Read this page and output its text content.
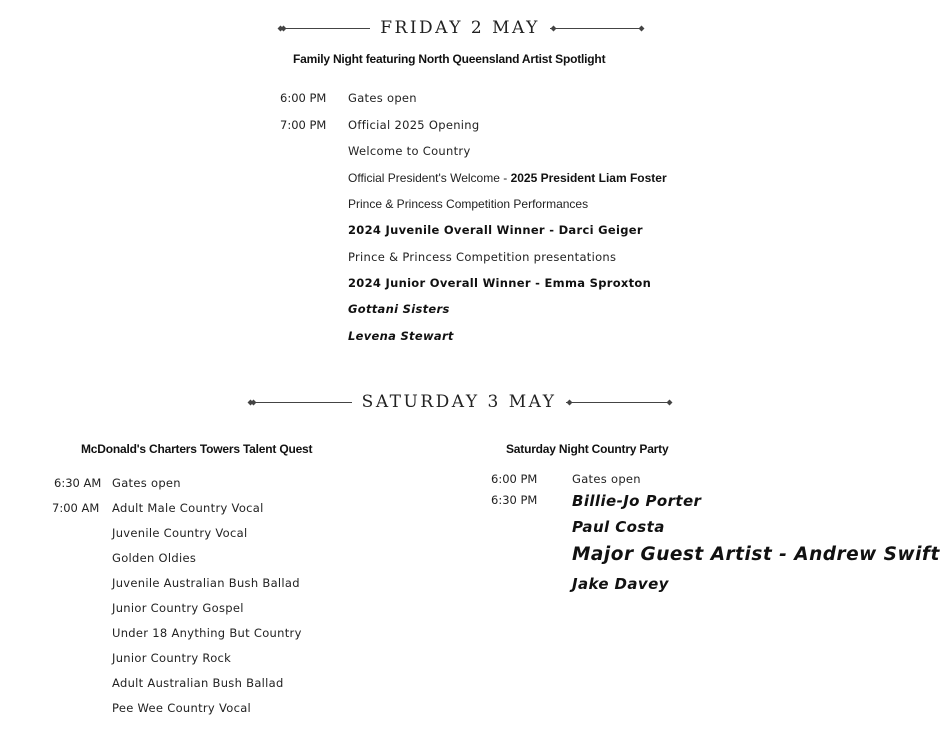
FRIDAY 2 MAY
Family Night featuring North Queensland Artist Spotlight
6:00 PM Gates open
7:00 PM Official 2025 Opening
Welcome to Country
Official President's Welcome - 2025 President Liam Foster
Prince & Princess Competition Performances
2024 Juvenile Overall Winner - Darci Geiger
Prince & Princess Competition presentations
2024 Junior Overall Winner - Emma Sproxton
Gottani Sisters
Levena Stewart
SATURDAY 3 MAY
McDonald's Charters Towers Talent Quest
6:30 AM Gates open
7:00 AM Adult Male Country Vocal
Juvenile Country Vocal
Golden Oldies
Juvenile Australian Bush Ballad
Junior Country Gospel
Under 18 Anything But Country
Junior Country Rock
Adult Australian Bush Ballad
Pee Wee Country Vocal
Saturday Night Country Party
6:00 PM	Gates open
6:30 PM Billie-Jo Porter
Paul Costa
Major Guest Artist - Andrew Swift
Jake Davey
